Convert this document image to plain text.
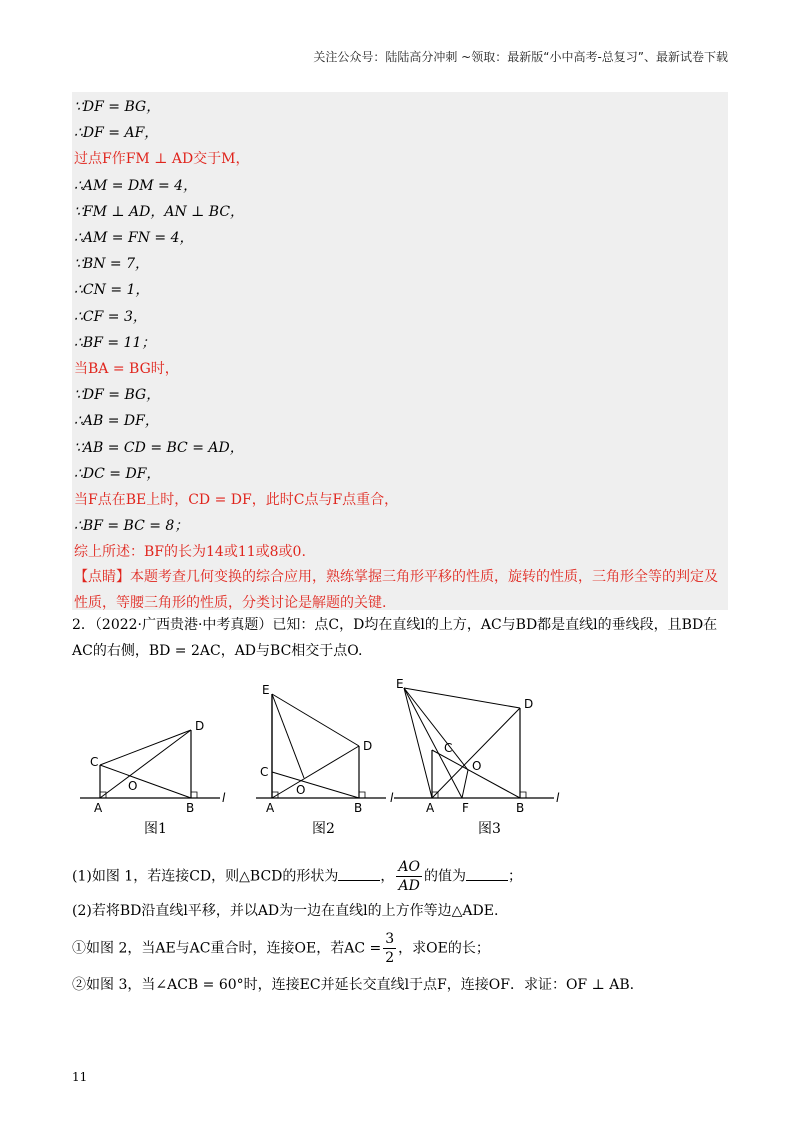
关注公众号：陆陆高分冲刺 ~领取：最新版“小中高考-总复习”、最新试卷下载
∵DF = BG，
∴DF = AF，
过点F作FM ⊥ AD交于M，
∴AM = DM = 4，
∵FM ⊥ AD，AN ⊥ BC，
∴AM = FN = 4，
∵BN = 7，
∴CN = 1，
∴CF = 3，
∴BF = 11；
当BA = BG时，
∵DF = BG，
∴AB = DF，
∵AB = CD = BC = AD，
∴DC = DF，
当F点在BE上时，CD = DF，此时C点与F点重合，
∴BF = BC = 8；
综上所述：BF的长为14或11或8或0.
【点睛】本题考查几何变换的综合应用，熟练掌握三角形平移的性质，旋转的性质，三角形全等的判定及性质，等腰三角形的性质，分类讨论是解题的关键.
2．（2022·广西贵港·中考真题）已知：点C，D均在直线l的上方，AC与BD都是直线l的垂线段，且BD在AC的右侧，BD = 2AC，AD与BC相交于点O.
C
D
A	B
O
l
图1
E
C
D
A	B
O
l
图2
E
C
D
A F	B
O
l
图3
(1)如图 1，若连接CD，则△BCD的形状为	， $\frac{AO}{AD}$ 的值为	；
(2)若将BD沿直线l平移，并以AD为一边在直线l的上方作等边△ADE.
①如图 2，当AE与AC重合时，连接OE，若AC = $\frac{3}{2}$ ，求OE的长；
②如图 3，当∠ACB = 60°时，连接EC并延长交直线l于点F，连接OF．求证：OF ⊥ AB.
11
